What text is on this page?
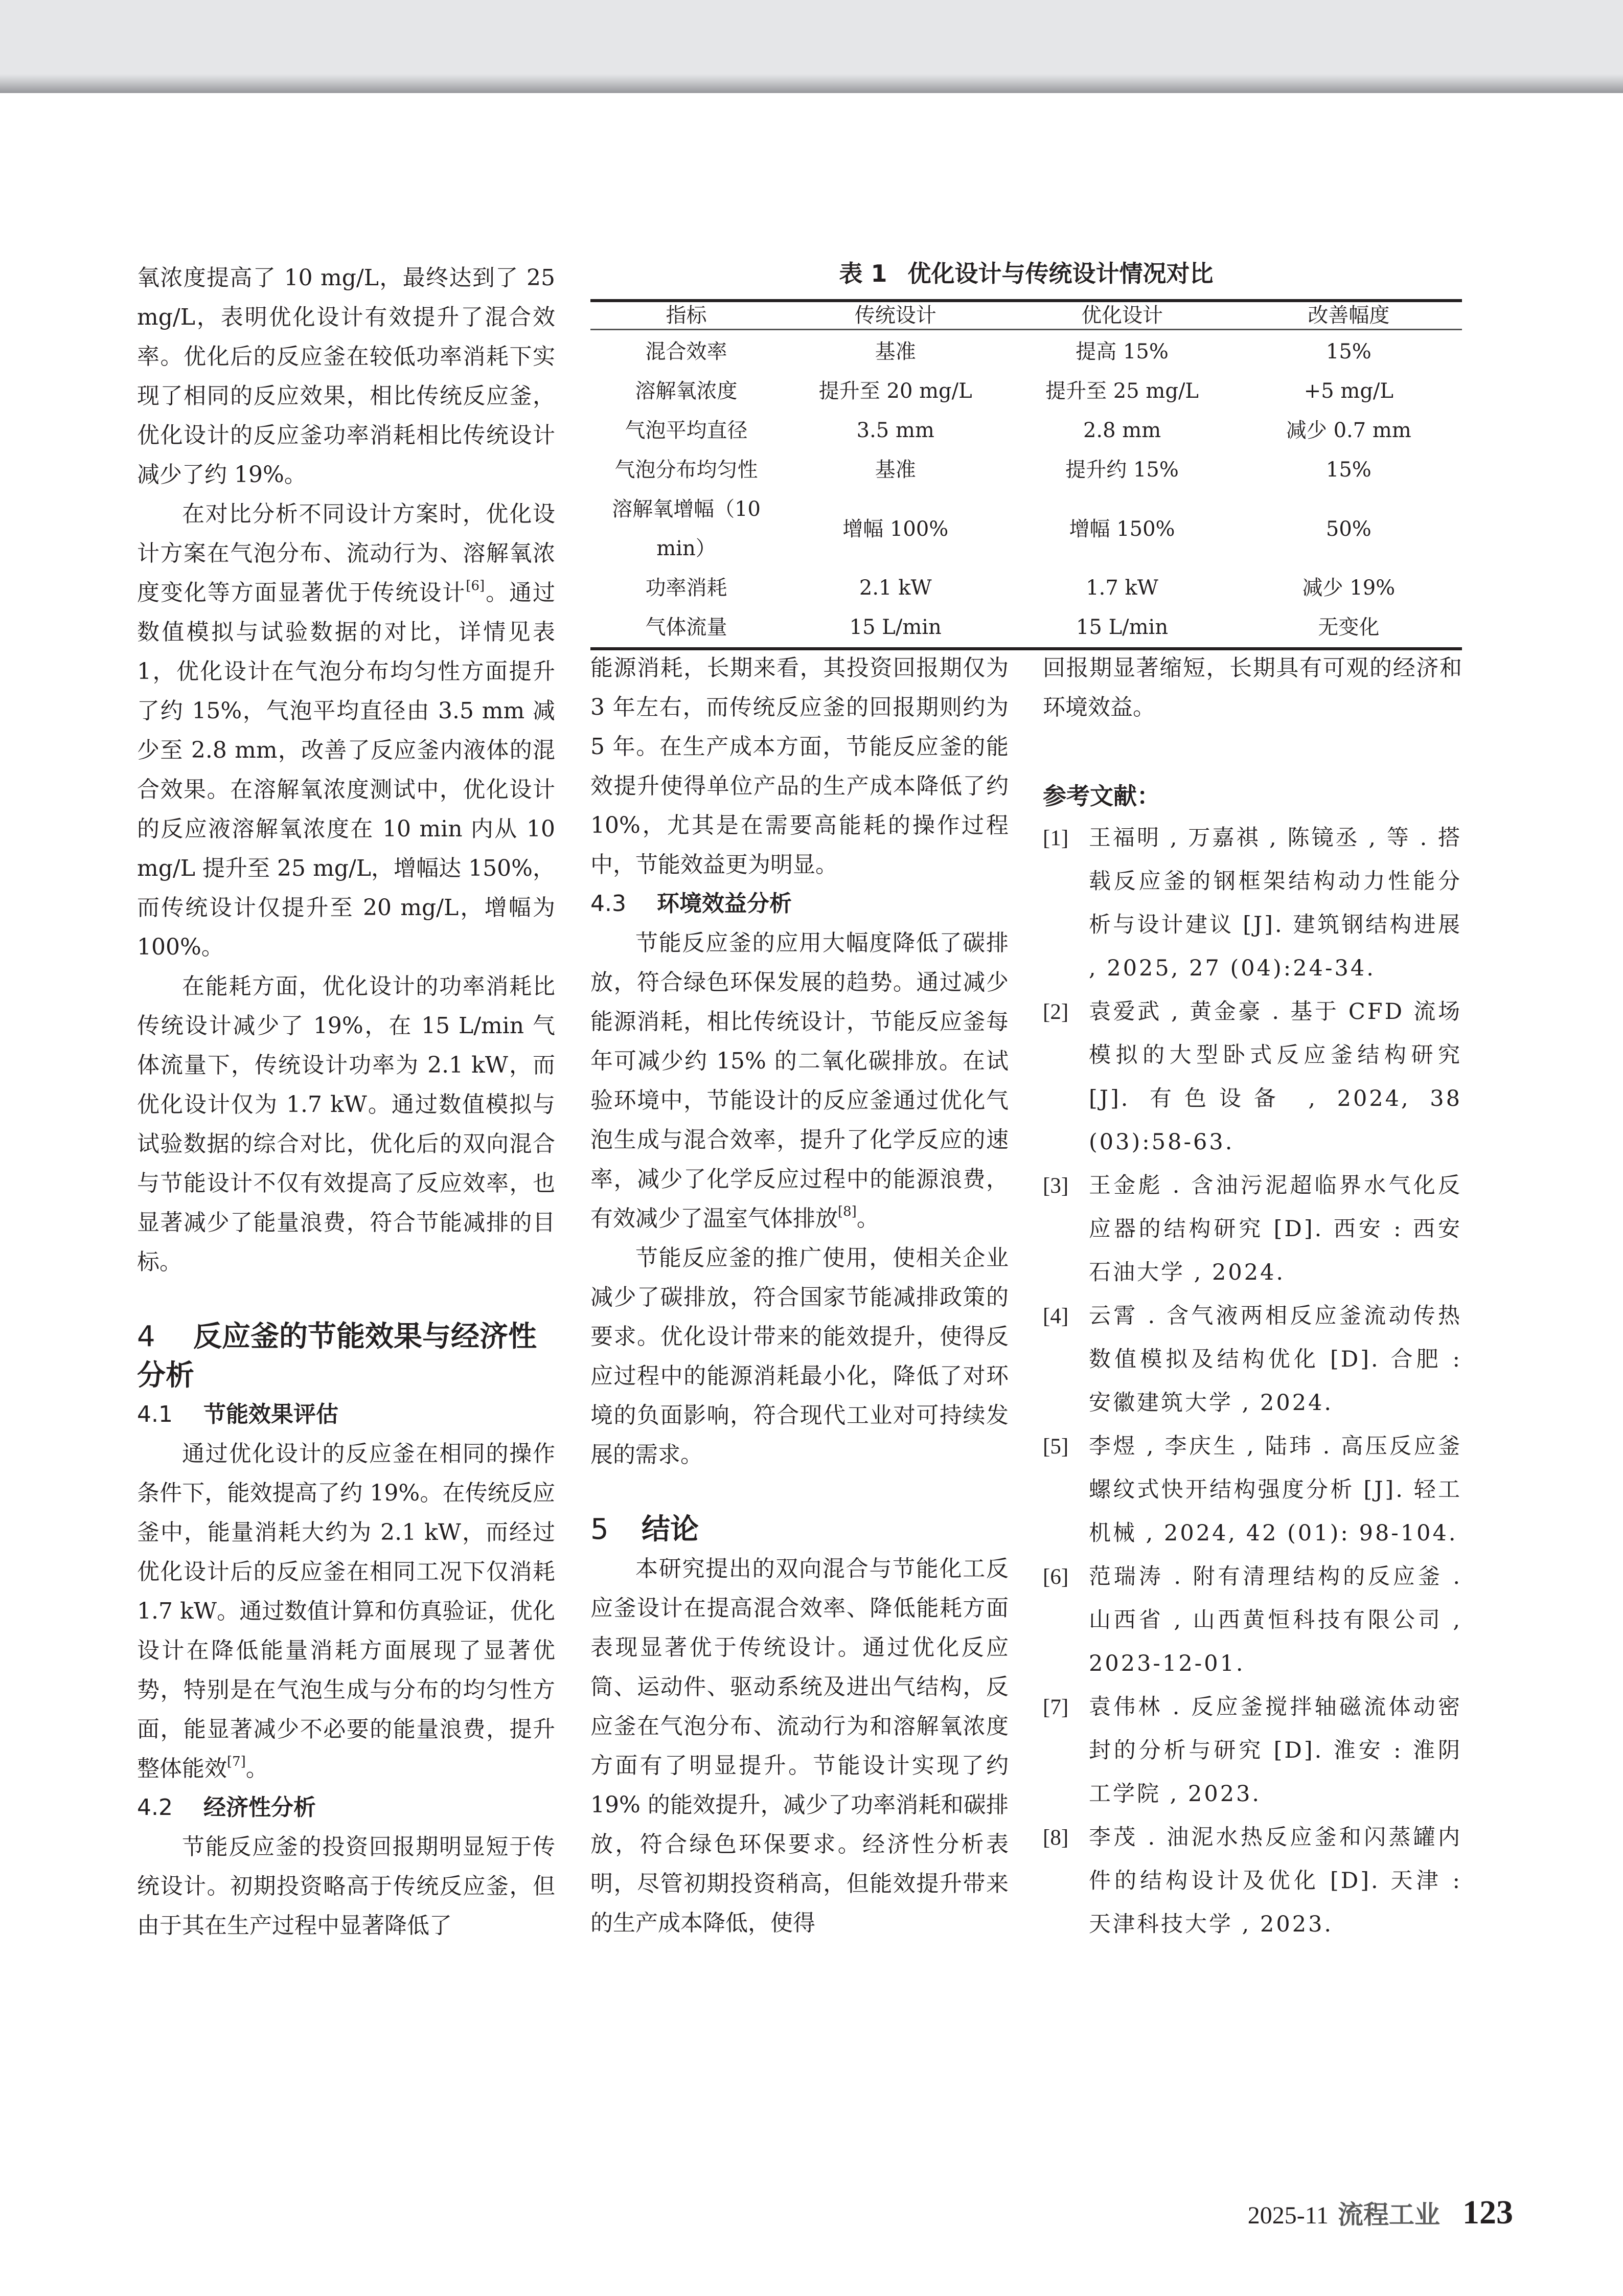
氧浓度提高了 10 mg/L，最终达到了 25 mg/L，表明优化设计有效提升了混合效率。优化后的反应釜在较低功率消耗下实现了相同的反应效果，相比传统反应釜，优化设计的反应釜功率消耗相比传统设计减少了约 19%。

在对比分析不同设计方案时，优化设计方案在气泡分布、流动行为、溶解氧浓度变化等方面显著优于传统设计[6]。通过数值模拟与试验数据的对比，详情见表 1，优化设计在气泡分布均匀性方面提升了约 15%，气泡平均直径由 3.5 mm 减少至 2.8 mm，改善了反应釜内液体的混合效果。在溶解氧浓度测试中，优化设计的反应液溶解氧浓度在 10 min 内从 10 mg/L 提升至 25 mg/L，增幅达 150%，而传统设计仅提升至 20 mg/L，增幅为 100%。

在能耗方面，优化设计的功率消耗比传统设计减少了 19%，在 15 L/min 气体流量下，传统设计功率为 2.1 kW，而优化设计仅为 1.7 kW。通过数值模拟与试验数据的综合对比，优化后的双向混合与节能设计不仅有效提高了反应效率，也显著减少了能量浪费，符合节能减排的目标。

4 反应釜的节能效果与经济性分析

4.1 节能效果评估

通过优化设计的反应釜在相同的操作条件下，能效提高了约 19%。在传统反应釜中，能量消耗大约为 2.1 kW，而经过优化设计后的反应釜在相同工况下仅消耗 1.7 kW。通过数值计算和仿真验证，优化设计在降低能量消耗方面展现了显著优势，特别是在气泡生成与分布的均匀性方面，能显著减少不必要的能量浪费，提升整体能效[7]。

4.2 经济性分析

节能反应釜的投资回报期明显短于传统设计。初期投资略高于传统反应釜，但由于其在生产过程中显著降低了

表 1 优化设计与传统设计情况对比
指标	传统设计	优化设计	改善幅度
混合效率	基准	提高 15%	15%
溶解氧浓度	提升至 20 mg/L	提升至 25 mg/L	+5 mg/L
气泡平均直径	3.5 mm	2.8 mm	减少 0.7 mm
气泡分布均匀性	基准	提升约 15%	15%
溶解氧增幅（10 min）	增幅 100%	增幅 150%	50%
功率消耗	2.1 kW	1.7 kW	减少 19%
气体流量	15 L/min	15 L/min	无变化

能源消耗，长期来看，其投资回报期仅为 3 年左右，而传统反应釜的回报期则约为 5 年。在生产成本方面，节能反应釜的能效提升使得单位产品的生产成本降低了约 10%，尤其是在需要高能耗的操作过程中，节能效益更为明显。

4.3 环境效益分析

节能反应釜的应用大幅度降低了碳排放，符合绿色环保发展的趋势。通过减少能源消耗，相比传统设计，节能反应釜每年可减少约 15% 的二氧化碳排放。在试验环境中，节能设计的反应釜通过优化气泡生成与混合效率，提升了化学反应的速率，减少了化学反应过程中的能源浪费，有效减少了温室气体排放[8]。

节能反应釜的推广使用，使相关企业减少了碳排放，符合国家节能减排政策的要求。优化设计带来的能效提升，使得反应过程中的能源消耗最小化，降低了对环境的负面影响，符合现代工业对可持续发展的需求。

5 结论

本研究提出的双向混合与节能化工反应釜设计在提高混合效率、降低能耗方面表现显著优于传统设计。通过优化反应筒、运动件、驱动系统及进出气结构，反应釜在气泡分布、流动行为和溶解氧浓度方面有了明显提升。节能设计实现了约 19% 的能效提升，减少了功率消耗和碳排放，符合绿色环保要求。经济性分析表明，尽管初期投资稍高，但能效提升带来的生产成本降低，使得

回报期显著缩短，长期具有可观的经济和环境效益。

参考文献：

[1] 王福明 , 万嘉祺 , 陈镜丞 , 等 . 搭载反应釜的钢框架结构动力性能分析与设计建议 [J]. 建筑钢结构进展 , 2025, 27 (04):24-34.
[2] 袁爱武 , 黄金豪 . 基于 CFD 流场模拟的大型卧式反应釜结构研究 [J]. 有色设备 , 2024, 38 (03):58-63.
[3] 王金彪 . 含油污泥超临界水气化反应器的结构研究 [D]. 西安 : 西安石油大学 , 2024.
[4] 云霄 . 含气液两相反应釜流动传热数值模拟及结构优化 [D]. 合肥 : 安徽建筑大学 , 2024.
[5] 李煜 , 李庆生 , 陆玮 . 高压反应釜螺纹式快开结构强度分析 [J]. 轻工机械 , 2024, 42 (01): 98-104.
[6] 范瑞涛 . 附有清理结构的反应釜 . 山西省 , 山西黄恒科技有限公司 , 2023-12-01.
[7] 袁伟林 . 反应釜搅拌轴磁流体动密封的分析与研究 [D]. 淮安 : 淮阴工学院 , 2023.
[8] 李茂 . 油泥水热反应釜和闪蒸罐内件的结构设计及优化 [D]. 天津 : 天津科技大学 , 2023.
2025-11 流程工业 123
